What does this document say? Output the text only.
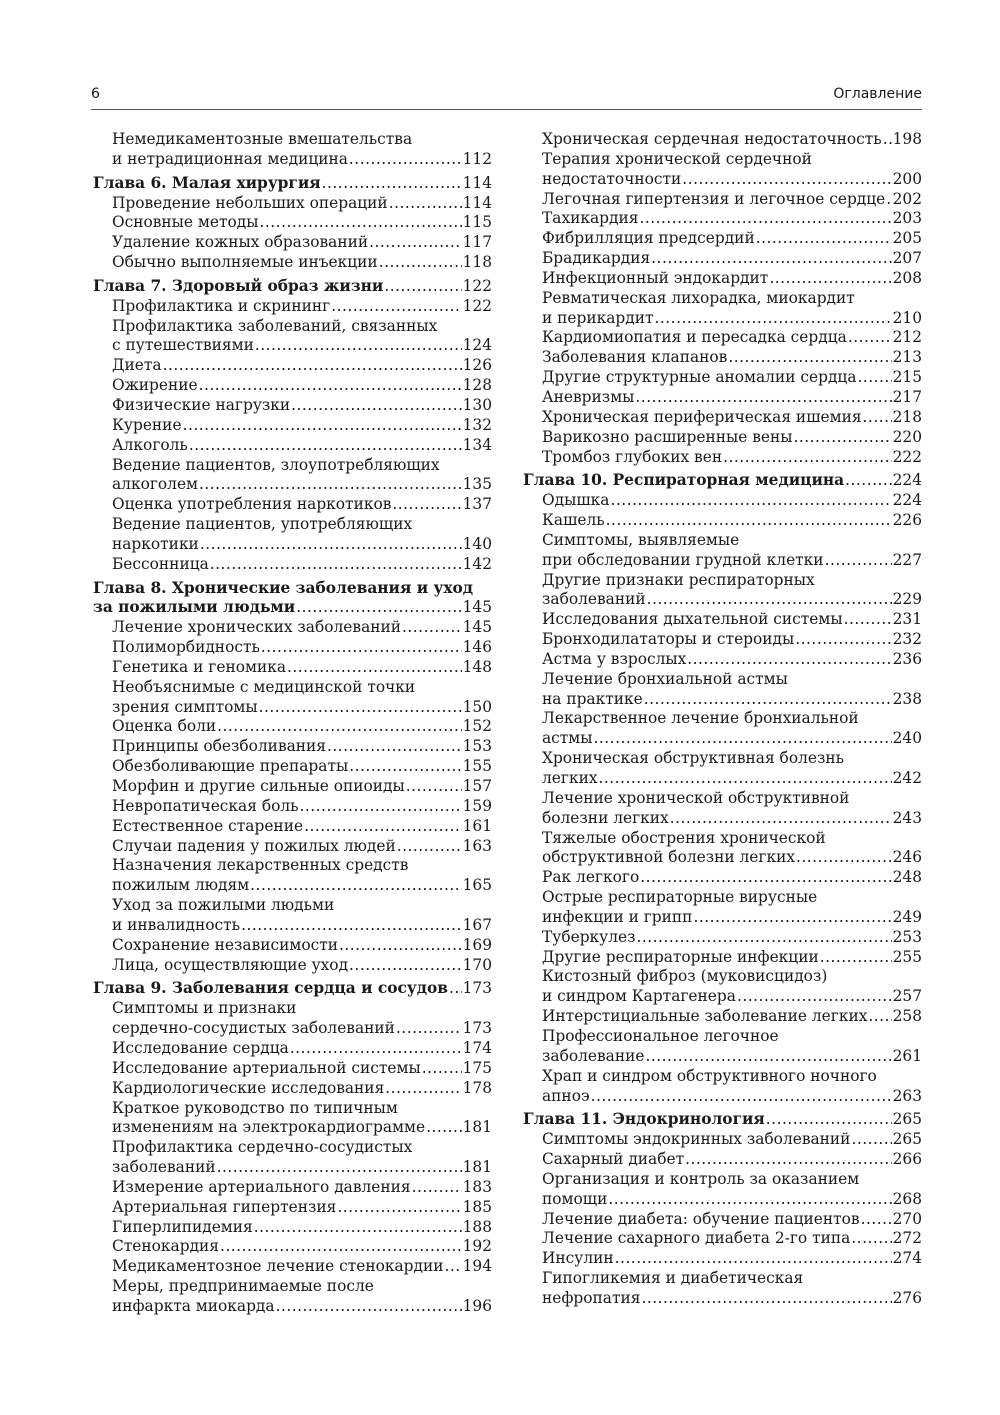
6	Оглавление
Немедикаментозные вмешательства
и нетрадиционная медицина . . .	112
Глава 6. Малая хирургия . . .	114
Проведение небольших операций . . .	114
Основные методы . . .	115
Удаление кожных образований . . .	117
Обычно выполняемые инъекции . . .	118
Глава 7. Здоровый образ жизни . . .	122
Профилактика и скрининг . . .	122
Профилактика заболеваний, связанных
с путешествиями . . .	124
Диета . . .	126
Ожирение . . .	128
Физические нагрузки . . .	130
Курение . . .	132
Алкоголь . . .	134
Ведение пациентов, злоупотребляющих
алкоголем . . .	135
Оценка употребления наркотиков . . .	137
Ведение пациентов, употребляющих
наркотики . . .	140
Бессонница . . .	142
Глава 8. Хронические заболевания и уход
за пожилыми людьми . . .	145
Лечение хронических заболеваний . . .	145
Полиморбидность . . .	146
Генетика и геномика . . .	148
Необъяснимые с медицинской точки
зрения симптомы . . .	150
Оценка боли . . .	152
Принципы обезболивания . . .	153
Обезболивающие препараты . . .	155
Морфин и другие сильные опиоиды . . .	157
Невропатическая боль . . .	159
Естественное старение . . .	161
Случаи падения у пожилых людей . . .	163
Назначения лекарственных средств
пожилым людям . . .	165
Уход за пожилыми людьми
и инвалидность . . .	167
Сохранение независимости . . .	169
Лица, осуществляющие уход . . .	170
Глава 9. Заболевания сердца и сосудов . . . 173
Симптомы и признаки
сердечно-сосудистых заболеваний . . .	173
Исследование сердца . . .	174
Исследование артериальной системы . . .	175
Кардиологические исследования . . .	178
Краткое руководство по типичным
изменениям на электрокардиограмме . . . 181
Профилактика сердечно-сосудистых
заболеваний . . .	181
Измерение артериального давления . . .	183
Артериальная гипертензия . . .	185
Гиперлипидемия . . .	188
Стенокардия . . .	192
Медикаментозное лечение стенокардии . . . 194
Меры, предпринимаемые после
инфаркта миокарда . . .	196
Хроническая сердечная недостаточность . . . 198
Терапия хронической сердечной
недостаточности . . .	200
Легочная гипертензия и легочное сердце . . . 202
Тахикардия . . .	203
Фибрилляция предсердий . . .	205
Брадикардия . . .	207
Инфекционный эндокардит . . .	208
Ревматическая лихорадка, миокардит
и перикардит . . .	210
Кардиомиопатия и пересадка сердца . . .	212
Заболевания клапанов . . .	213
Другие структурные аномалии сердца . . . 215
Аневризмы . . .	217
Хроническая периферическая ишемия . . . 218
Варикозно расширенные вены . . .	220
Тромбоз глубоких вен . . .	222
Глава 10. Респираторная медицина . . .	224
Одышка . . .	224
Кашель . . .	226
Симптомы, выявляемые
при обследовании грудной клетки . . .	227
Другие признаки респираторных
заболеваний . . .	229
Исследования дыхательной системы . . .	231
Бронходилататоры и стероиды . . .	232
Астма у взрослых . . .	236
Лечение бронхиальной астмы
на практике . . .	238
Лекарственное лечение бронхиальной
астмы . . .	240
Хроническая обструктивная болезнь
легких . . .	242
Лечение хронической обструктивной
болезни легких . . .	243
Тяжелые обострения хронической
обструктивной болезни легких . . .	246
Рак легкого . . .	248
Острые респираторные вирусные
инфекции и грипп . . .	249
Туберкулез . . .	253
Другие респираторные инфекции . . .	255
Кистозный фиброз (муковисцидоз)
и синдром Картагенера . . .	257
Интерстициальные заболевание легких . . . 258
Профессиональное легочное
заболевание . . .	261
Храп и синдром обструктивного ночного
апноэ . . .	263
Глава 11. Эндокринология . . .	265
Симптомы эндокринных заболеваний . . .	265
Сахарный диабет . . .	266
Организация и контроль за оказанием
помощи . . .	268
Лечение диабета: обучение пациентов . . . 270
Лечение сахарного диабета 2-го типа . . .	272
Инсулин . . .	274
Гипогликемия и диабетическая
нефропатия . . .	276
